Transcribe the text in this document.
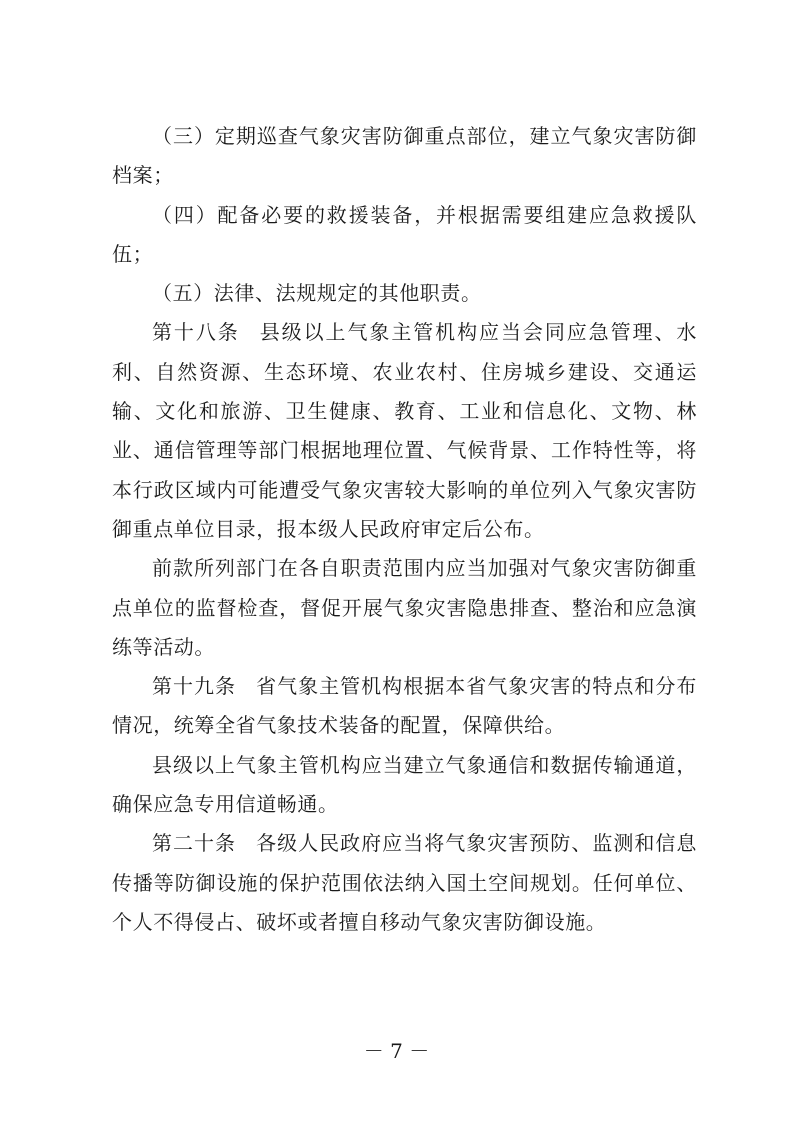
（三）定期巡查气象灾害防御重点部位，建立气象灾害防御档案；

（四）配备必要的救援装备，并根据需要组建应急救援队伍；

（五）法律、法规规定的其他职责。

第十八条 县级以上气象主管机构应当会同应急管理、水利、自然资源、生态环境、农业农村、住房城乡建设、交通运输、文化和旅游、卫生健康、教育、工业和信息化、文物、林业、通信管理等部门根据地理位置、气候背景、工作特性等，将本行政区域内可能遭受气象灾害较大影响的单位列入气象灾害防御重点单位目录，报本级人民政府审定后公布。

前款所列部门在各自职责范围内应当加强对气象灾害防御重点单位的监督检查，督促开展气象灾害隐患排查、整治和应急演练等活动。

第十九条 省气象主管机构根据本省气象灾害的特点和分布情况，统筹全省气象技术装备的配置，保障供给。

县级以上气象主管机构应当建立气象通信和数据传输通道，确保应急专用信道畅通。

第二十条 各级人民政府应当将气象灾害预防、监测和信息传播等防御设施的保护范围依法纳入国土空间规划。任何单位、个人不得侵占、破坏或者擅自移动气象灾害防御设施。

－ 7 －
